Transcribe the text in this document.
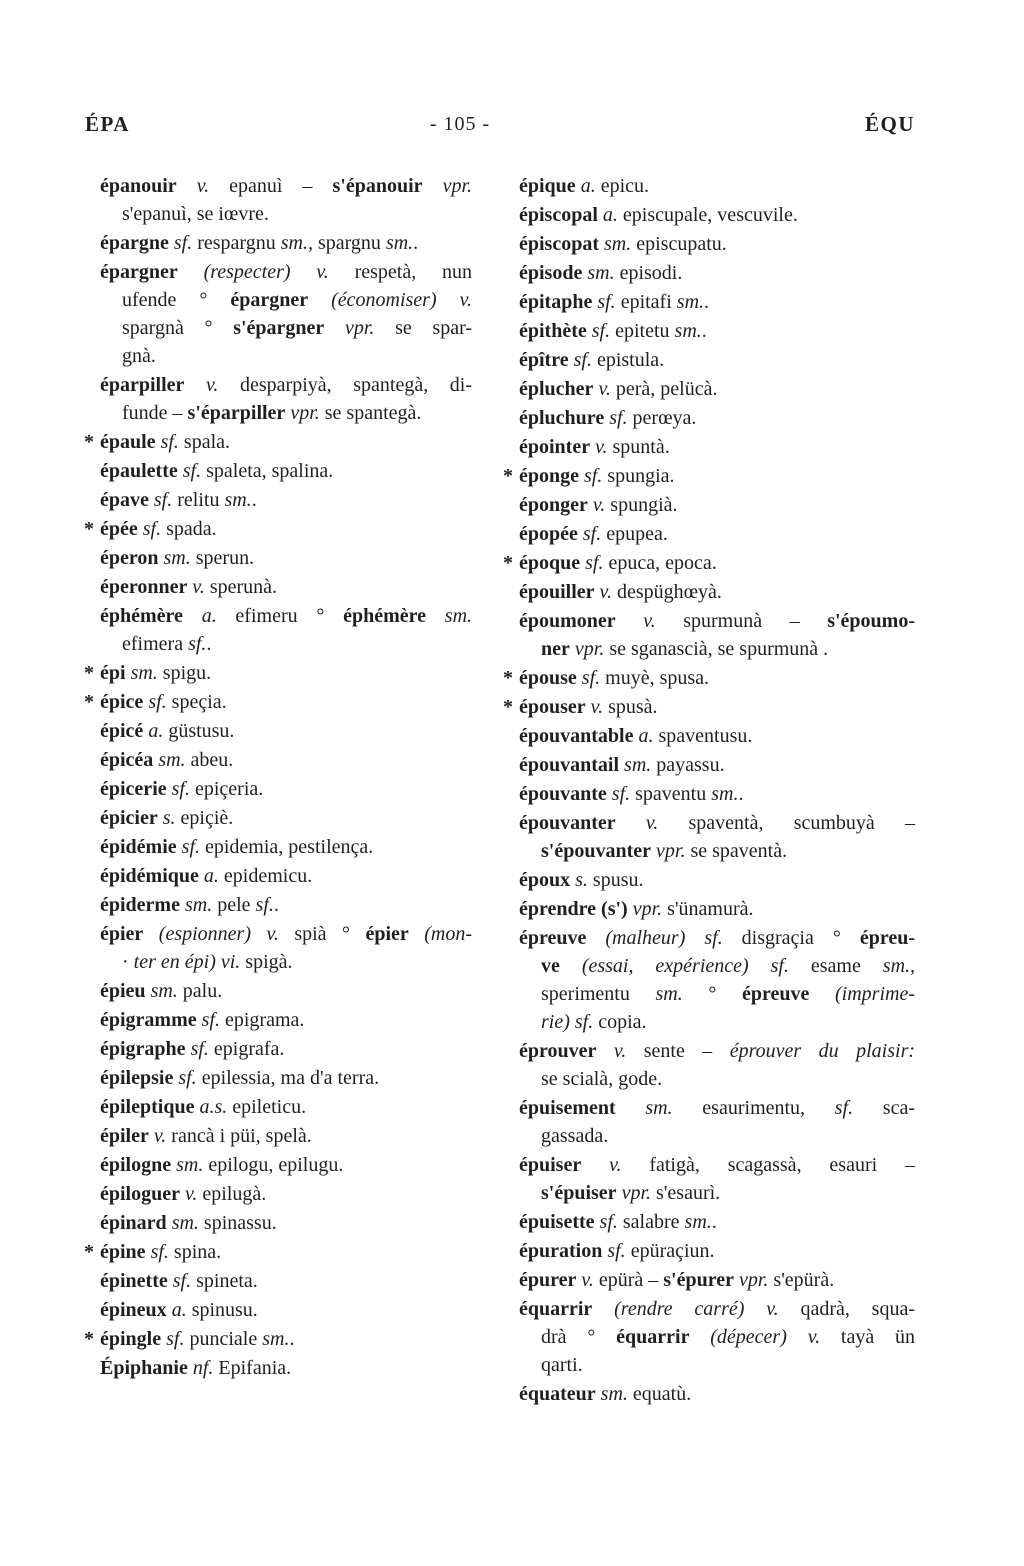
ÉPA	- 105 -	ÉQU
épanouir v. epanuì – s'épanouir vpr.
s'epanuì, se iœvre.
épargne sf. respargnu sm., spargnu sm..
épargner (respecter) v. respetà, nun
ufende ° épargner (économiser) v.
spargnà ° s'épargner vpr. se spar-
gnà.
éparpiller v. desparpiyà, spantegà, di-
funde – s'éparpiller vpr. se spantegà.
* épaule sf. spala.
épaulette sf. spaleta, spalina.
épave sf. relitu sm..
* épée sf. spada.
éperon sm. sperun.
éperonner v. sperunà.
éphémère a. efimeru ° éphémère sm.
efimera sf..
* épi sm. spigu.
* épice sf. speçia.
épicé a. güstusu.
épicéa sm. abeu.
épicerie sf. epiçeria.
épicier s. epiçiè.
épidémie sf. epidemia, pestilença.
épidémique a. epidemicu.
épiderme sm. pele sf..
épier (espionner) v. spià ° épier (mon-
· ter en épi) vi. spigà.
épieu sm. palu.
épigramme sf. epigrama.
épigraphe sf. epigrafa.
épilepsie sf. epilessia, ma d'a terra.
épileptique a.s. epileticu.
épiler v. rancà i püi, spelà.
épilogne sm. epilogu, epilugu.
épiloguer v. epilugà.
épinard sm. spinassu.
* épine sf. spina.
épinette sf. spineta.
épineux a. spinusu.
* épingle sf. punciale sm..
Épiphanie nf. Epifania.
épique a. epicu.
épiscopal a. episcupale, vescuvile.
épiscopat sm. episcupatu.
épisode sm. episodi.
épitaphe sf. epitafi sm..
épithète sf. epitetu sm..
épître sf. epistula.
éplucher v. perà, pelücà.
épluchure sf. perœya.
épointer v. spuntà.
* éponge sf. spungia.
éponger v. spungià.
épopée sf. epupea.
* époque sf. epuca, epoca.
épouiller v. despüghœyà.
époumoner v. spurmunà – s'époumo-
ner vpr. se sganascià, se spurmunà .
* épouse sf. muyè, spusa.
* épouser v. spusà.
épouvantable a. spaventusu.
épouvantail sm. payassu.
épouvante sf. spaventu sm..
épouvanter v. spaventà, scumbuyà –
s'épouvanter vpr. se spaventà.
époux s. spusu.
éprendre (s') vpr. s'ünamurà.
épreuve (malheur) sf. disgraçia ° épreu-
ve (essai, expérience) sf. esame sm.,
sperimentu sm. ° épreuve (imprime-
rie) sf. copia.
éprouver v. sente – éprouver du plaisir:
se scialà, gode.
épuisement sm. esaurimentu, sf. sca-
gassada.
épuiser v. fatigà, scagassà, esauri –
s'épuiser vpr. s'esaurì.
épuisette sf. salabre sm..
épuration sf. epüraçiun.
épurer v. epürà – s'épurer vpr. s'epürà.
équarrir (rendre carré) v. qadrà, squa-
drà ° équarrir (dépecer) v. tayà ün
qarti.
équateur sm. equatù.
